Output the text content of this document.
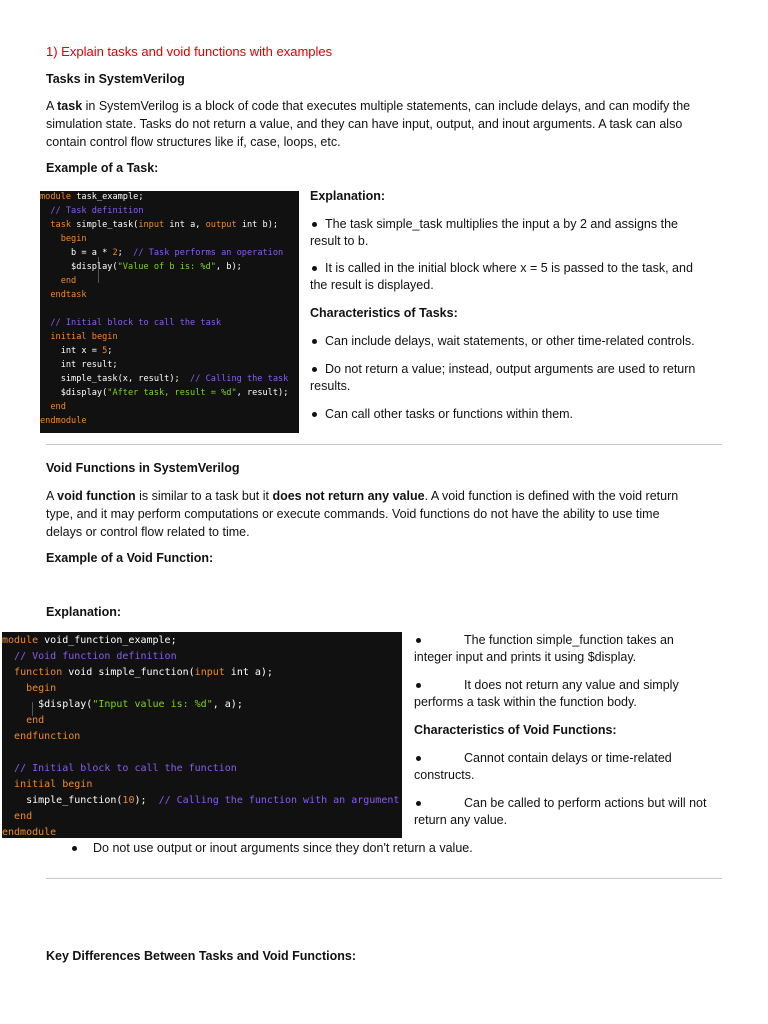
1) Explain tasks and void functions with examples
Tasks in SystemVerilog
A task in SystemVerilog is a block of code that executes multiple statements, can include delays, and can modify the
simulation state. Tasks do not return a value, and they can have input, output, and inout arguments. A task can also
contain control flow structures like if, case, loops, etc.
Example of a Task:

module task_example;

// Task definition

task simple_task(input int a, output int b);

begin

b = a * 2;  // Task performs an operation

$display("Value of b is: %d", b);

end

endtask

// Initial block to call the task

initial begin

int x = 5;

int result;

simple_task(x, result);  // Calling the task

$display("After task, result = %d", result);

end

endmodule

Explanation:
The task simple_task multiplies the input a by 2 and assigns the
result to b.
It is called in the initial block where x = 5 is passed to the task, and
the result is displayed.
Characteristics of Tasks:
Can include delays, wait statements, or other time-related controls.
Do not return a value; instead, output arguments are used to return
results.
Can call other tasks or functions within them.
Void Functions in SystemVerilog
A void function is similar to a task but it does not return any value. A void function is defined with the void return
type, and it may perform computations or execute commands. Void functions do not have the ability to use time
delays or control flow related to time.
Example of a Void Function:
Explanation:

module void_function_example;

// Void function definition

function void simple_function(input int a);

begin

$display("Input value is: %d", a);

end

endfunction

// Initial block to call the function

initial begin

simple_function(10);  // Calling the function with an argument

end

endmodule

The function simple_function takes an
integer input and prints it using $display.
It does not return any value and simply
performs a task within the function body.
Characteristics of Void Functions:
Cannot contain delays or time-related
constructs.
Can be called to perform actions but will not
return any value.
Do not use output or inout arguments since they don't return a value.
Key Differences Between Tasks and Void Functions:
